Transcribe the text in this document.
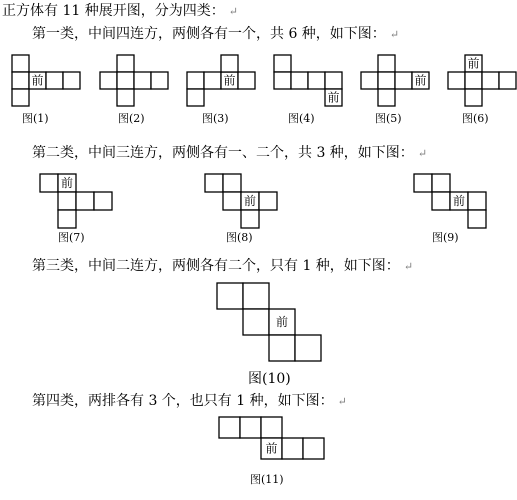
正方体有 11 种展开图，分为四类： ↵
第一类，中间四连方，两侧各有一个，共 6 种，如下图： ↵
第二类，中间三连方，两侧各有一、二个，共 3 种，如下图： ↵
第三类，中间二连方，两侧各有二个，只有 1 种，如下图： ↵
第四类，两排各有 3 个，也只有 1 种，如下图： ↵
前
图(1)	图(2)
前
图(3)
前
图(4)
前
图(5)
前
图(6)
前
图(7)
前
图(8)
前
图(9)
前
图(10)
前
图(11)
